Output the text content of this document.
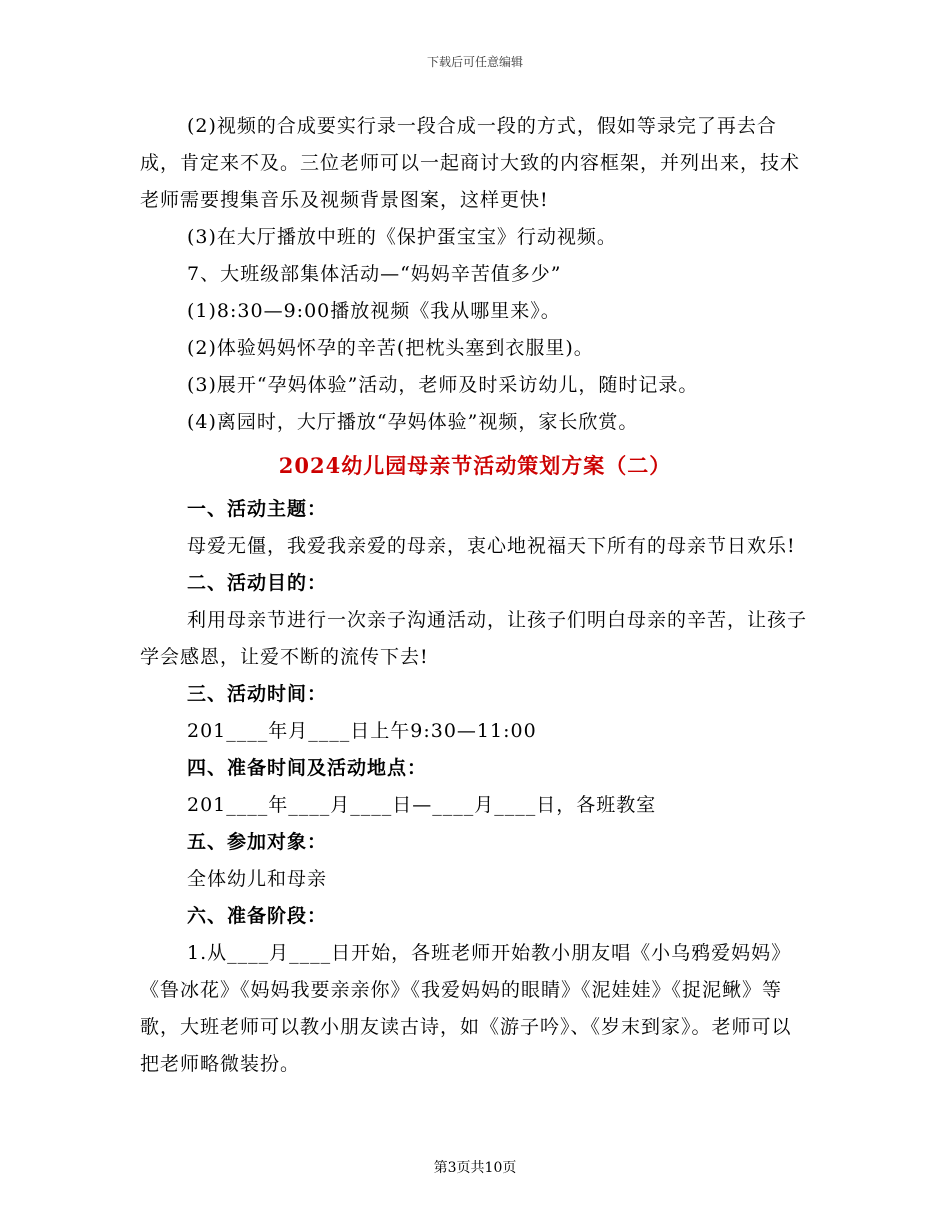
下载后可任意编辑

(2)视频的合成要实行录一段合成一段的方式，假如等录完了再去合成，肯定来不及。三位老师可以一起商讨大致的内容框架，并列出来，技术老师需要搜集音乐及视频背景图案，这样更快!

(3)在大厅播放中班的《保护蛋宝宝》行动视频。

7、大班级部集体活动—“妈妈辛苦值多少”

(1)8:30—9:00播放视频《我从哪里来》。

(2)体验妈妈怀孕的辛苦(把枕头塞到衣服里)。

(3)展开“孕妈体验”活动，老师及时采访幼儿，随时记录。

(4)离园时，大厅播放“孕妈体验”视频，家长欣赏。

2024幼儿园母亲节活动策划方案（二）

一、活动主题：

母爱无僵，我爱我亲爱的母亲，衷心地祝福天下所有的母亲节日欢乐!

二、活动目的：

利用母亲节进行一次亲子沟通活动，让孩子们明白母亲的辛苦，让孩子学会感恩，让爱不断的流传下去!

三、活动时间：

201____年月____日上午9:30—11:00

四、准备时间及活动地点：

201____年____月____日—____月____日，各班教室

五、参加对象：

全体幼儿和母亲

六、准备阶段：

1.从____月____日开始，各班老师开始教小朋友唱《小乌鸦爱妈妈》《鲁冰花》《妈妈我要亲亲你》《我爱妈妈的眼睛》《泥娃娃》《捉泥鳅》等歌，大班老师可以教小朋友读古诗，如《游子吟》、《岁末到家》。老师可以把老师略微装扮。

第3页共10页
